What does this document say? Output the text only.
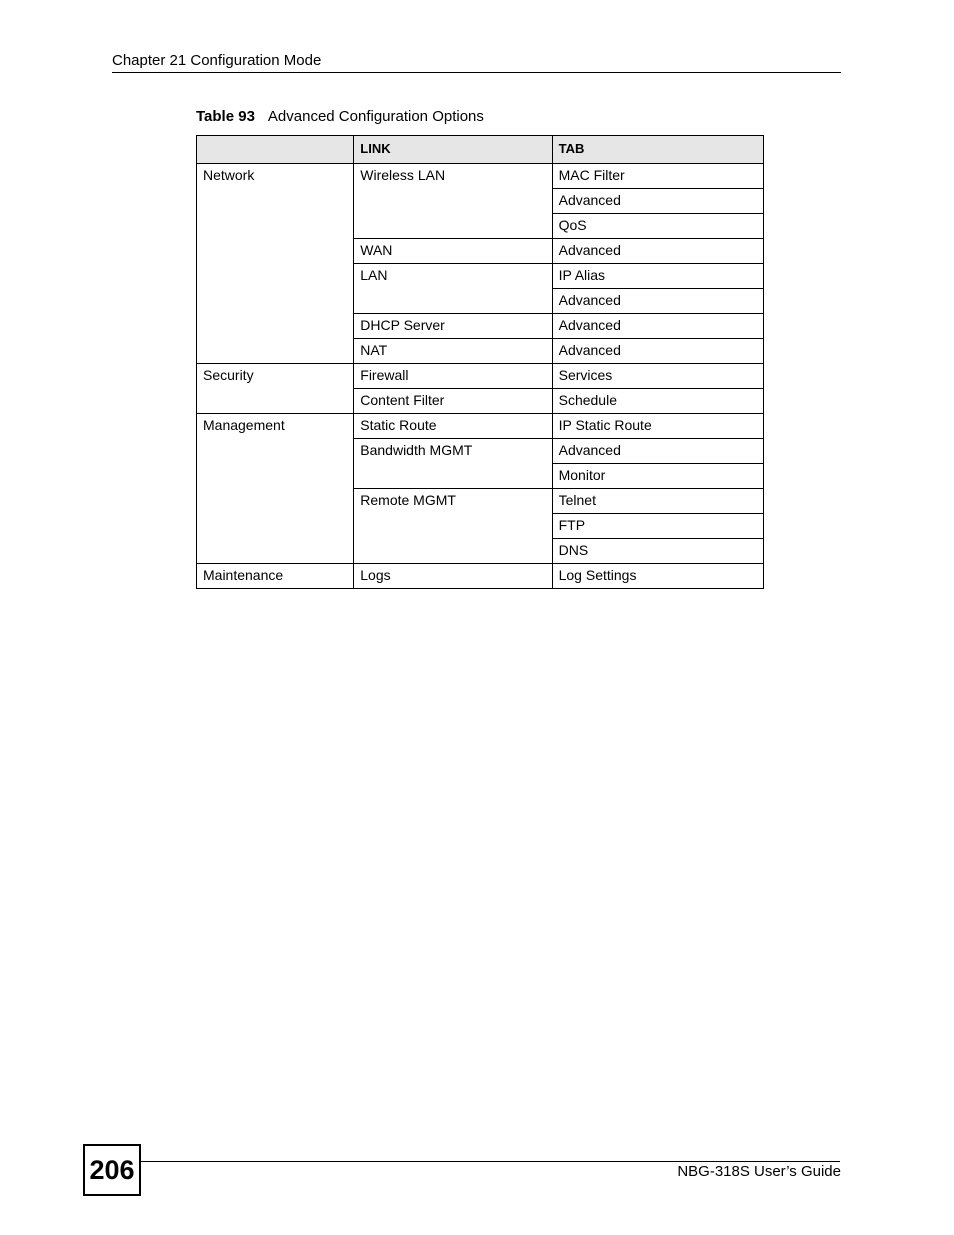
Chapter 21 Configuration Mode
Table 93 Advanced Configuration Options
	LINK	TAB
Network	Wireless LAN	MAC Filter
		Advanced
		QoS
	WAN	Advanced
	LAN	IP Alias
		Advanced
	DHCP Server	Advanced
	NAT	Advanced
Security	Firewall	Services
	Content Filter	Schedule
Management	Static Route	IP Static Route
	Bandwidth MGMT	Advanced
		Monitor
	Remote MGMT	Telnet
		FTP
		DNS
Maintenance	Logs	Log Settings
206	NBG-318S User’s Guide
